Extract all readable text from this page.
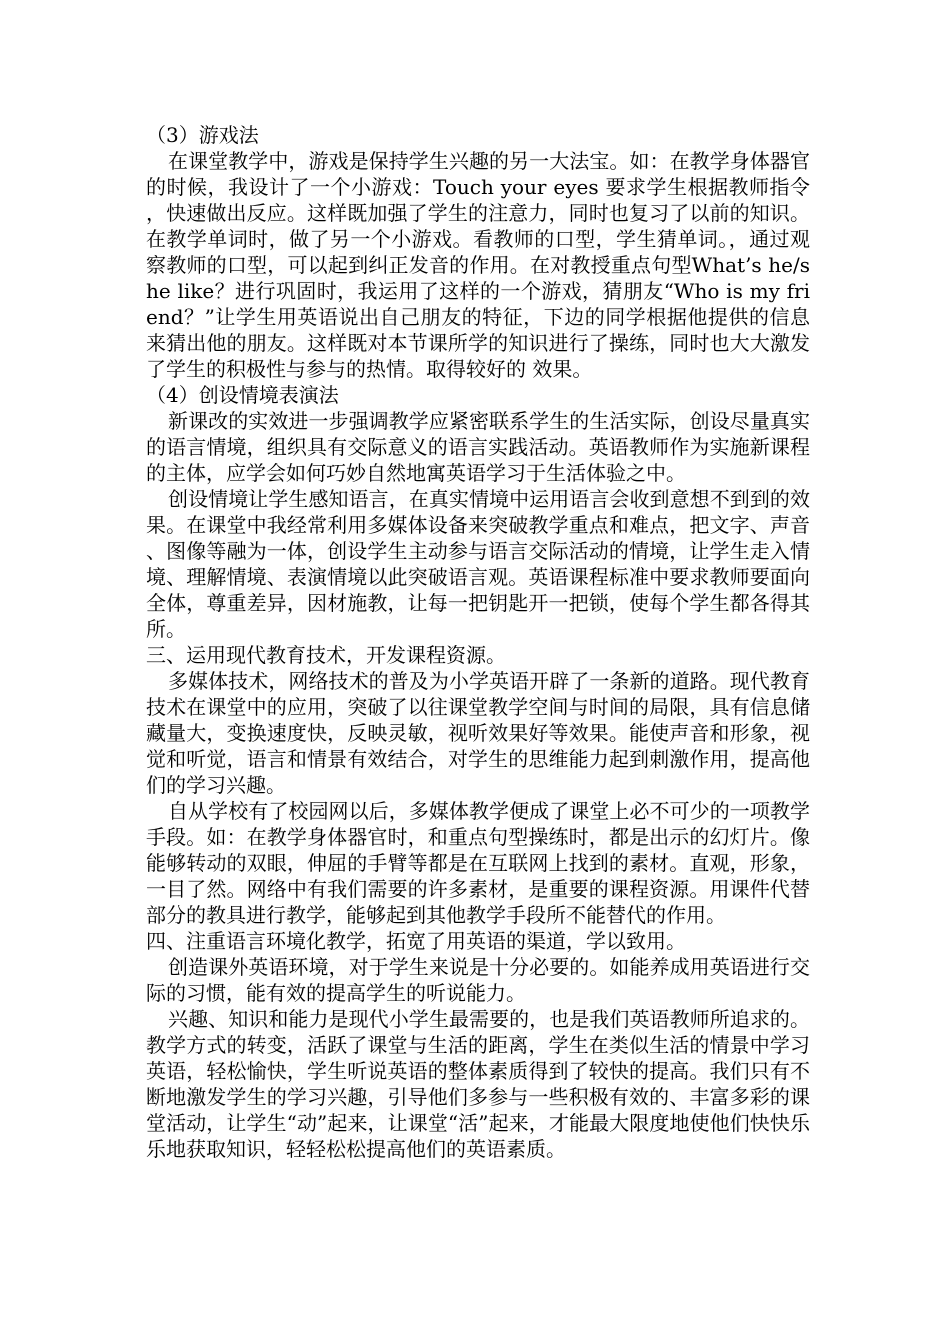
（3）游戏法

在课堂教学中，游戏是保持学生兴趣的另一大法宝。如：在教学身体器官的时候，我设计了一个小游戏：Touch your eyes 要求学生根据教师指令，快速做出反应。这样既加强了学生的注意力，同时也复习了以前的知识。在教学单词时，做了另一个小游戏。看教师的口型，学生猜单词。，通过观察教师的口型，可以起到纠正发音的作用。在对教授重点句型What’s he/she like？进行巩固时，我运用了这样的一个游戏，猜朋友“Who is my friend？”让学生用英语说出自己朋友的特征，下边的同学根据他提供的信息来猜出他的朋友。这样既对本节课所学的知识进行了操练，同时也大大激发了学生的积极性与参与的热情。取得较好的 效果。

（4）创设情境表演法

新课改的实效进一步强调教学应紧密联系学生的生活实际，创设尽量真实的语言情境，组织具有交际意义的语言实践活动。英语教师作为实施新课程的主体，应学会如何巧妙自然地寓英语学习于生活体验之中。

创设情境让学生感知语言，在真实情境中运用语言会收到意想不到到的效果。在课堂中我经常利用多媒体设备来突破教学重点和难点，把文字、声音、图像等融为一体，创设学生主动参与语言交际活动的情境，让学生走入情境、理解情境、表演情境以此突破语言观。英语课程标准中要求教师要面向全体，尊重差异，因材施教，让每一把钥匙开一把锁，使每个学生都各得其所。

三、运用现代教育技术，开发课程资源。

多媒体技术，网络技术的普及为小学英语开辟了一条新的道路。现代教育技术在课堂中的应用，突破了以往课堂教学空间与时间的局限，具有信息储藏量大，变换速度快，反映灵敏，视听效果好等效果。能使声音和形象，视觉和听觉，语言和情景有效结合，对学生的思维能力起到刺激作用，提高他们的学习兴趣。

自从学校有了校园网以后，多媒体教学便成了课堂上必不可少的一项教学手段。如：在教学身体器官时，和重点句型操练时，都是出示的幻灯片。像能够转动的双眼，伸屈的手臂等都是在互联网上找到的素材。直观，形象，一目了然。网络中有我们需要的许多素材，是重要的课程资源。用课件代替部分的教具进行教学，能够起到其他教学手段所不能替代的作用。

四、注重语言环境化教学，拓宽了用英语的渠道，学以致用。

创造课外英语环境，对于学生来说是十分必要的。如能养成用英语进行交际的习惯，能有效的提高学生的听说能力。

兴趣、知识和能力是现代小学生最需要的，也是我们英语教师所追求的。教学方式的转变，活跃了课堂与生活的距离，学生在类似生活的情景中学习英语，轻松愉快，学生听说英语的整体素质得到了较快的提高。我们只有不断地激发学生的学习兴趣，引导他们多参与一些积极有效的、丰富多彩的课堂活动，让学生“动”起来，让课堂“活”起来，才能最大限度地使他们快快乐乐地获取知识，轻轻松松提高他们的英语素质。
